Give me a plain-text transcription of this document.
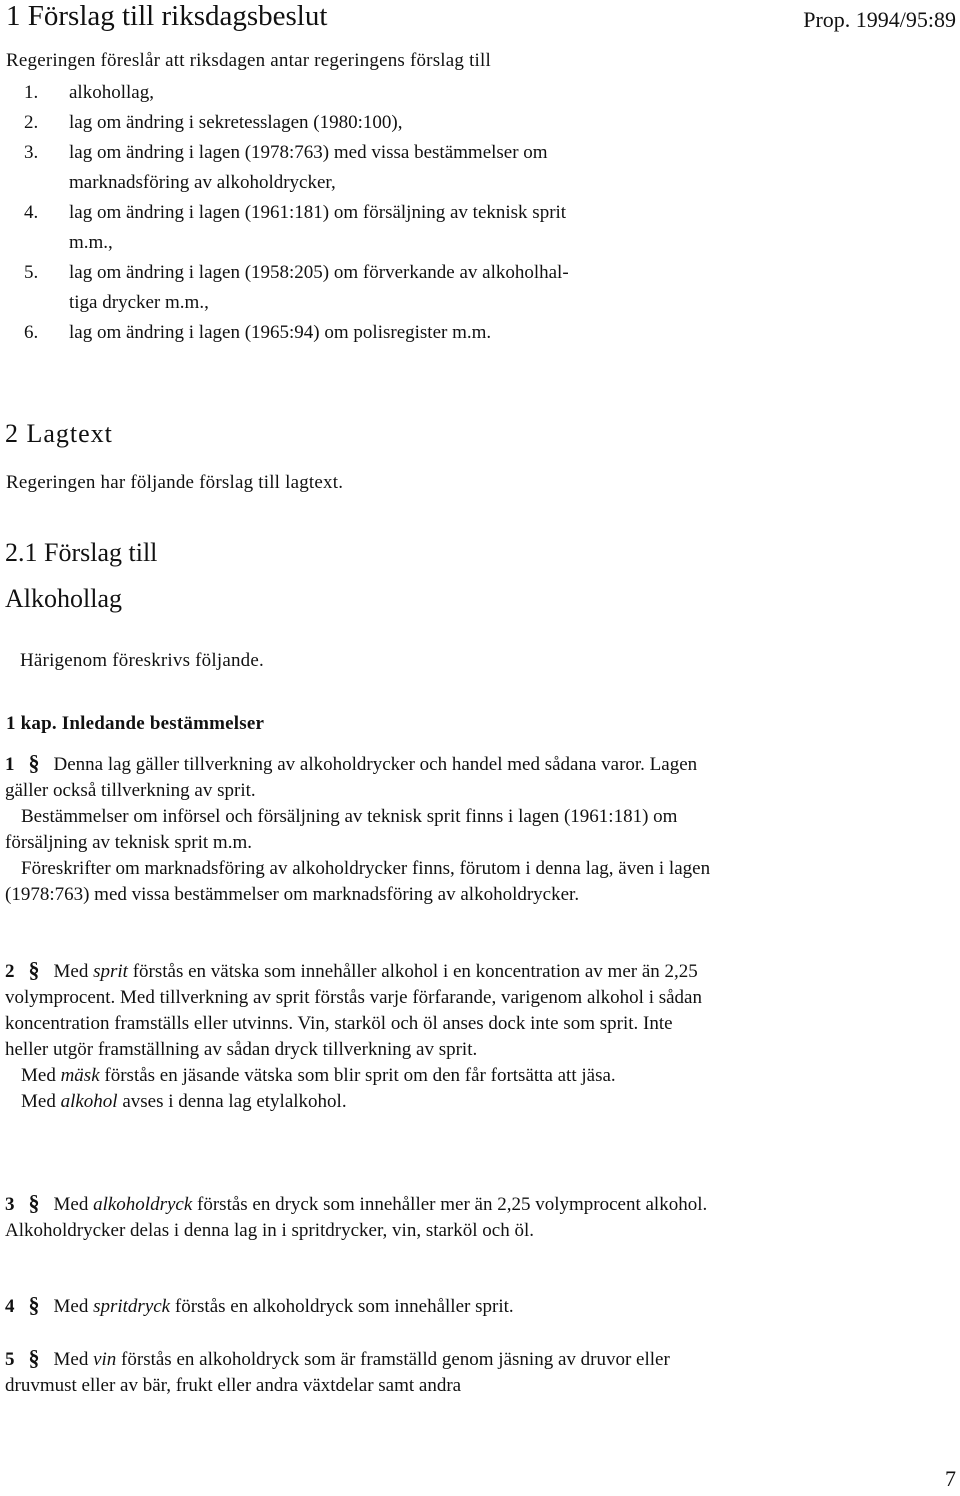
1 Förslag till riksdagsbeslut	Prop. 1994/95:89
Regeringen föreslår att riksdagen antar regeringens förslag till
1. alkohollag,
2. lag om ändring i sekretesslagen (1980:100),
3. lag om ändring i lagen (1978:763) med vissa bestämmelser om
marknadsföring av alkoholdrycker,
4. lag om ändring i lagen (1961:181) om försäljning av teknisk sprit
m.m.,
5. lag om ändring i lagen (1958:205) om förverkande av alkoholhal-
tiga drycker m.m.,
6. lag om ändring i lagen (1965:94) om polisregister m.m.
2 Lagtext
Regeringen har följande förslag till lagtext.
2.1 Förslag till
Alkohollag
Härigenom föreskrivs följande.
1 kap. Inledande bestämmelser

1 § Denna lag gäller tillverkning av alkoholdrycker och handel med sådana varor. Lagen gäller också tillverkning av sprit.

Bestämmelser om införsel och försäljning av teknisk sprit finns i lagen (1961:181) om försäljning av teknisk sprit m.m.

Föreskrifter om marknadsföring av alkoholdrycker finns, förutom i denna lag, även i lagen (1978:763) med vissa bestämmelser om marknadsföring av alkoholdrycker.

2 § Med sprit förstås en vätska som innehåller alkohol i en koncentration av mer än 2,25 volymprocent. Med tillverkning av sprit förstås varje förfarande, varigenom alkohol i sådan koncentration framställs eller utvinns. Vin, starköl och öl anses dock inte som sprit. Inte heller utgör framställning av sådan dryck tillverkning av sprit.

Med mäsk förstås en jäsande vätska som blir sprit om den får fortsätta att jäsa.

Med alkohol avses i denna lag etylalkohol.

3 § Med alkoholdryck förstås en dryck som innehåller mer än 2,25 volymprocent alkohol. Alkoholdrycker delas i denna lag in i spritdrycker, vin, starköl och öl.

4 § Med spritdryck förstås en alkoholdryck som innehåller sprit.

5 § Med vin förstås en alkoholdryck som är framställd genom jäsning av druvor eller druvmust eller av bär, frukt eller andra växtdelar samt andra

7
